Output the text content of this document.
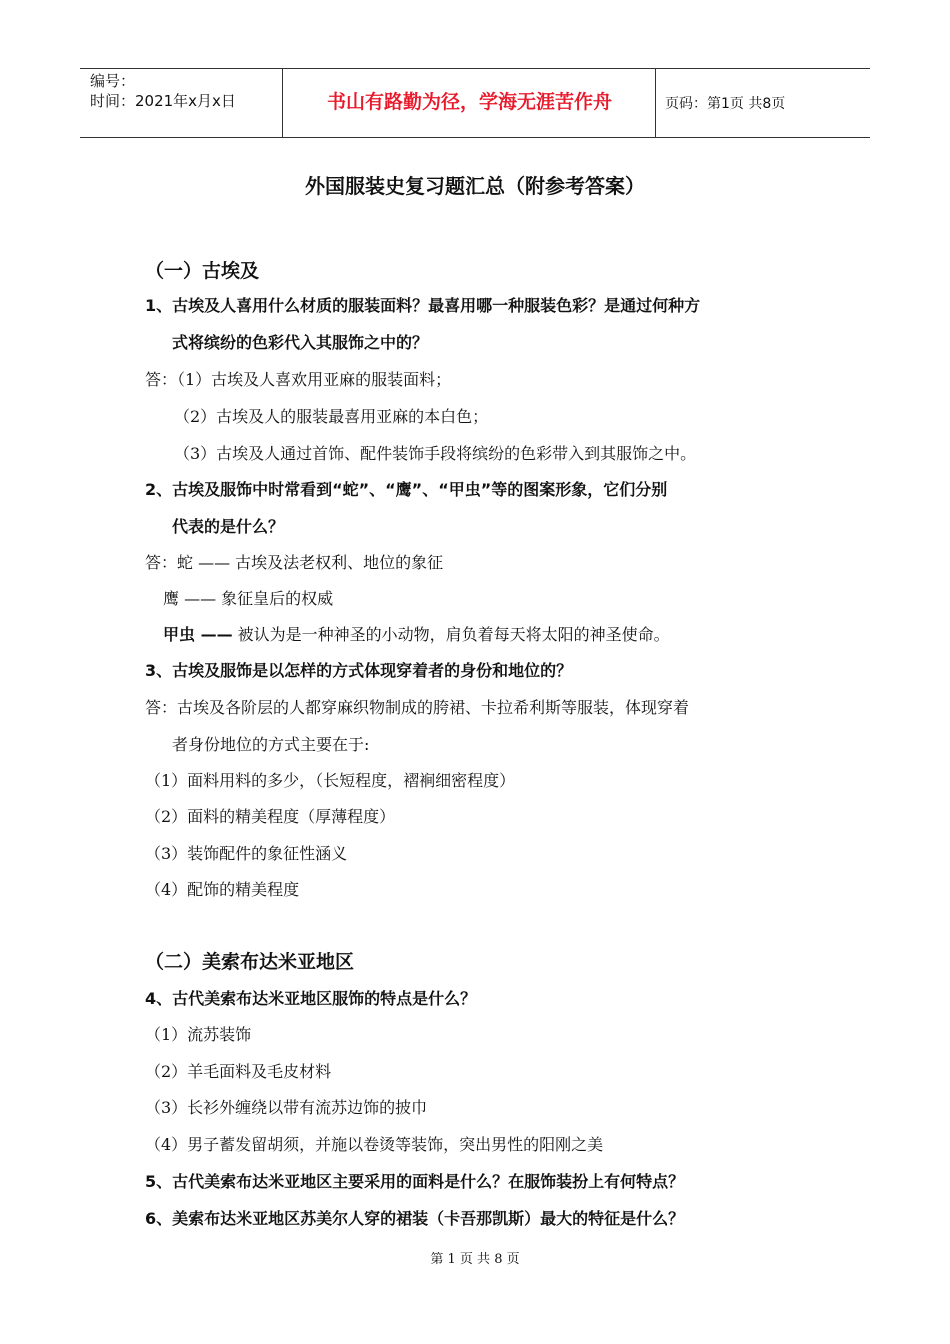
编号：
时间：2021年x月x日	书山有路勤为径，学海无涯苦作舟	页码：第1页 共8页
外国服装史复习题汇总（附参考答案）
（一）古埃及
1、古埃及人喜用什么材质的服装面料？最喜用哪一种服装色彩？是通过何种方
式将缤纷的色彩代入其服饰之中的？
答：（1）古埃及人喜欢用亚麻的服装面料；
（2）古埃及人的服装最喜用亚麻的本白色；
（3）古埃及人通过首饰、配件装饰手段将缤纷的色彩带入到其服饰之中。
2、古埃及服饰中时常看到“蛇”、“鹰”、“甲虫”等的图案形象，它们分别
代表的是什么？
答：蛇 —— 古埃及法老权利、地位的象征
鹰 —— 象征皇后的权威
甲虫 —— 被认为是一种神圣的小动物，肩负着每天将太阳的神圣使命。
3、古埃及服饰是以怎样的方式体现穿着者的身份和地位的？
答：古埃及各阶层的人都穿麻织物制成的胯裙、卡拉希利斯等服装，体现穿着
者身份地位的方式主要在于:
（1）面料用料的多少，（长短程度，褶裥细密程度）
（2）面料的精美程度（厚薄程度）
（3）装饰配件的象征性涵义
（4）配饰的精美程度
（二）美索布达米亚地区
4、古代美索布达米亚地区服饰的特点是什么？
（1）流苏装饰
（2）羊毛面料及毛皮材料
（3）长衫外缠绕以带有流苏边饰的披巾
（4）男子蓄发留胡须，并施以卷烫等装饰，突出男性的阳刚之美
5、古代美索布达米亚地区主要采用的面料是什么？在服饰装扮上有何特点？
6、美索布达米亚地区苏美尔人穿的裙装（卡吾那凯斯）最大的特征是什么？
第 1 页 共 8 页
